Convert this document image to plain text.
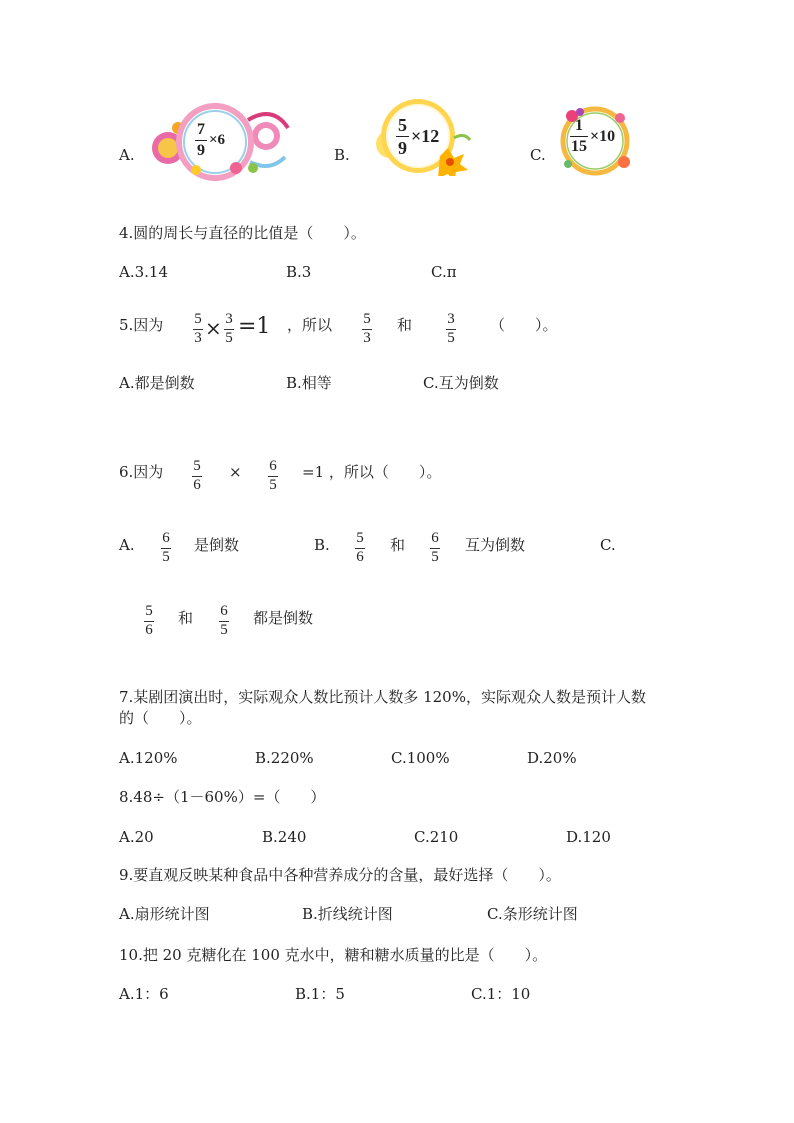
A.
7
9
×6
B.
5
9
×12
C.
1
15
×10
4.圆的周长与直径的比值是（　　）。
A.3.14	B.3	C.π
5.因为 5
3 × 3
5 =1 ，所以 5
3
和 3
5
（　　）。
A.都是倒数	B.相等	C.互为倒数
6.因为 5
6
× 6
5
=1 ，所以（　　）。
A. 6
5
是倒数	B. 5
6
和 6
5
互为倒数	C.
5
6
和 6
5
都是倒数
7.某剧团演出时，实际观众人数比预计人数多 120%，实际观众人数是预计人数
的（　　）。
A.120%	B.220%	C.100%	D.20%
8.48÷（1－60%）=（　　）
A.20	B.240	C.210	D.120
9.要直观反映某种食品中各种营养成分的含量，最好选择（　　）。
A.扇形统计图	B.折线统计图	C.条形统计图
10.把 20 克糖化在 100 克水中，糖和糖水质量的比是（　　）。
A.1：6	B.1：5	C.1：10
